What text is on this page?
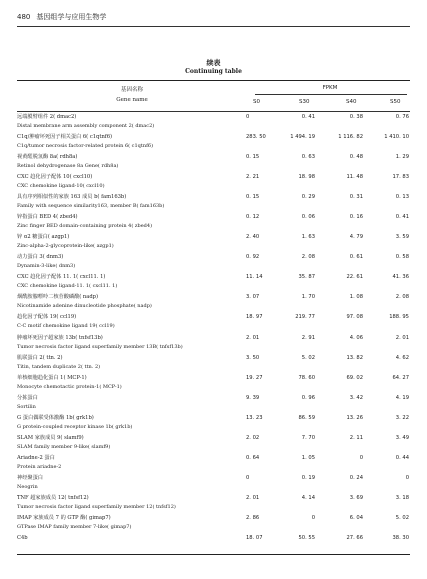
480 基因组学与应用生物学
续表
Continuing table
基因名称
Gene name
FPKM
S0	S30	S40	S50
远端膜臂组件 2( dmac2)
Distal membrane arm assembly component 2( dmac2)
0	0. 41	0. 38	0. 76
C1q/肿瘤坏死因子相关蛋白 6( c1qtnf6)
C1q/tumor necrosis factor-related protein 6( c1qtnf6)
283. 50	1 494. 19	1 116. 82	1 410. 10
视黄醛脱氢酶 8a( rdh8a)
Retinol dehydrogenase 8a Gene( rdh8a)
0. 15	0. 63	0. 48	1. 29
CXC 趋化因子配体 10( cxcl10)
CXC chemokine ligand-10( cxcl10)
2. 21	18. 98	11. 48	17. 83
具有序列相似性的家族 163 成员 b( fam163b)
Family with sequence similarity163, member B( fam163b)
0. 15	0. 29	0. 31	0. 13
锌指蛋白 BED 4( zbed4)
Zinc finger BED domain-containing protein 4( zbed4)
0. 12	0. 06	0. 16	0. 41
锌 α2 糖蛋白( azgp1)
Zinc-alpha-2-glycoprotein-like( azgp1)
2. 40	1. 63	4. 79	3. 59
动力蛋白 3( dnm3)
Dynamin-3-like( dnm3)
0. 92	2. 08	0. 61	0. 58
CXC 趋化因子配体 11. 1( cxcl11. 1)
CXC chemokine ligand-11. 1( cxcl11. 1)
11. 14	35. 87	22. 61	41. 36
烟酰胺腺嘌呤二核苷酸磷酸( nadp)
Nicotinamide adenine dinucleotide phosphate( nadp)
3. 07	1. 70	1. 08	2. 08
趋化因子配体 19( ccl19)
C-C motif chemokine ligand 19( ccl19)
18. 97	219. 77	97. 08	188. 95
肿瘤坏死因子超家族 13b( tnfsf13b)
Tumor necrosis factor ligand superfamily member 13B( tnfsf13b)
2. 01	2. 91	4. 06	2. 01
肌联蛋白 2( ttn. 2)
Titin, tandem duplicate 2( ttn. 2)
3. 50	5. 02	13. 82	4. 62
单核细胞趋化蛋白 1( MCP-1)
Monocyte chemotactic protein-1( MCP-1)
19. 27	78. 60	69. 02	64. 27
分拣蛋白
Sortilin
9. 39	0. 96	3. 42	4. 19
G 蛋白偶联受体激酶 1b( grk1b)
G protein-coupled receptor kinase 1b( grk1b)
13. 23	86. 59	13. 26	3. 22
SLAM 家族成员 9( slamf9)
SLAM family member 9-like( slamf9)
2. 02	7. 70	2. 11	3. 49
Ariadne-2 蛋白
Protein ariadne-2
0. 64	1. 05	0	0. 44
神经聚蛋白
Neogrin
0	0. 19	0. 24	0
TNF 超家族成员 12( tnfsf12)
Tumor necrosis factor ligand superfamily member 12( tnfsf12)
2. 01	4. 14	3. 69	3. 18
IMAP 家族成员 7 的 GTP 酶( gimap7)
GTPase IMAP family member 7-like( gimap7)
2. 86	0	6. 04	5. 02
C4b	18. 07	50. 55	27. 66	38. 30
